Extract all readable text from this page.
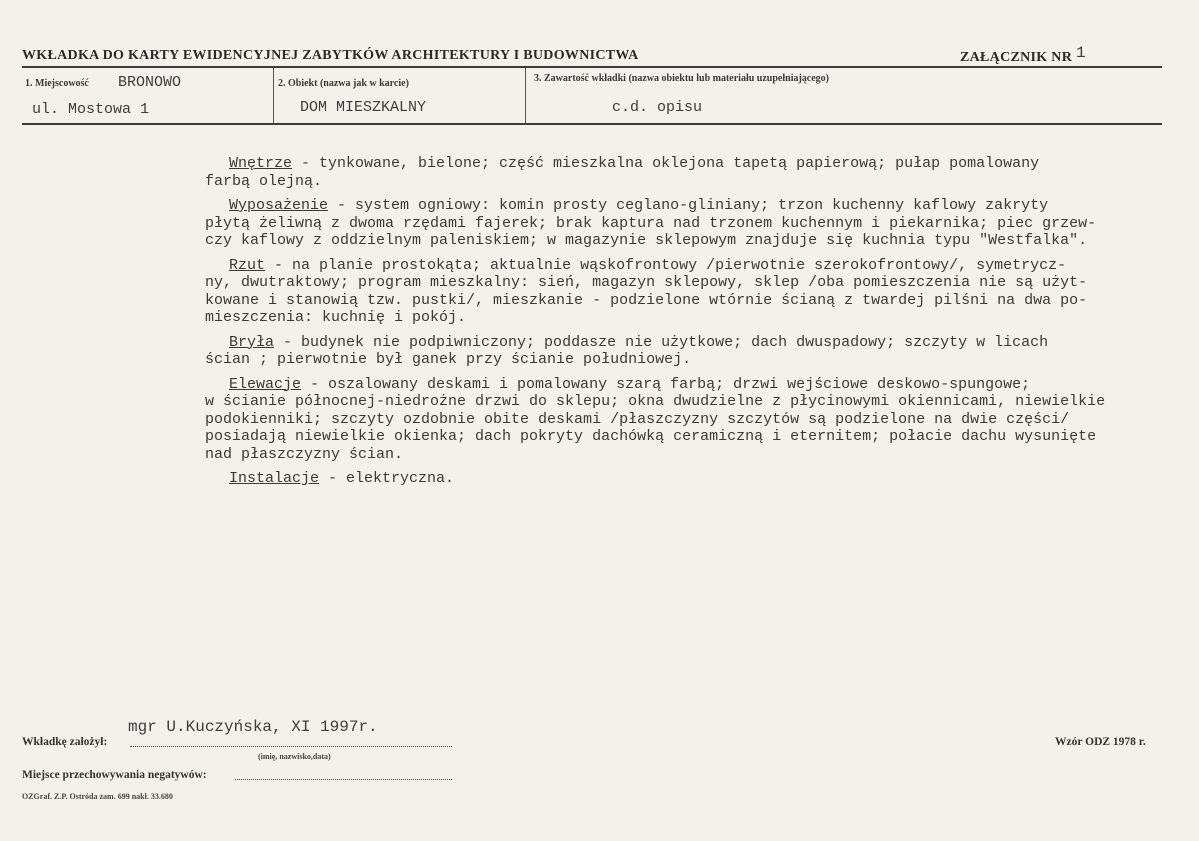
WKŁADKA DO KARTY EWIDENCYJNEJ ZABYTKÓW ARCHITEKTURY I BUDOWNICTWA	ZAŁĄCZNIK NR 1
1. Miejscowość BRONOWO
ul. Mostowa 1
2. Obiekt (nazwa jak w karcie)
DOM MIESZKALNY
3. Zawartość wkładki (nazwa obiektu lub materiału uzupełniającego)
c.d. opisu
Wnętrze - tynkowane, bielone; część mieszkalna oklejona tapetą papierową; pułap pomalowany
farbą olejną.
Wyposażenie - system ogniowy: komin prosty ceglano-gliniany; trzon kuchenny kaflowy zakryty
płytą żeliwną z dwoma rzędami fajerek; brak kaptura nad trzonem kuchennym i piekarnika; piec grzew-
czy kaflowy z oddzielnym paleniskiem; w magazynie sklepowym znajduje się kuchnia typu "Westfalka".
Rzut - na planie prostokąta; aktualnie wąskofrontowy /pierwotnie szerokofrontowy/, symetrycz-
ny, dwutraktowy; program mieszkalny: sień, magazyn sklepowy, sklep /oba pomieszczenia nie są użyt-
kowane i stanowią tzw. pustki/, mieszkanie - podzielone wtórnie ścianą z twardej pilśni na dwa po-
mieszczenia: kuchnię i pokój.
Bryła - budynek nie podpiwniczony; poddasze nie użytkowe; dach dwuspadowy; szczyty w licach
ścian ; pierwotnie był ganek przy ścianie południowej.
Elewacje - oszalowany deskami i pomalowany szarą farbą; drzwi wejściowe deskowo-spungowe;
w ścianie północnej-niedrożne drzwi do sklepu; okna dwudzielne z płycinowymi okiennicami, niewielkie
podokienniki; szczyty ozdobnie obite deskami /płaszczyzny szczytów są podzielone na dwie części/
posiadają niewielkie okienka; dach pokryty dachówką ceramiczną i eternitem; połacie dachu wysunięte
nad płaszczyzny ścian.
Instalacje - elektryczna.
mgr U.Kuczyńska, XI 1997r.
Wkładkę założył:
(imię, nazwisko,data)
Miejsce przechowywania negatywów:
Wzór ODZ 1978 r.
OZGraf. Z.P. Ostróda zam. 699 nakł. 33.680
